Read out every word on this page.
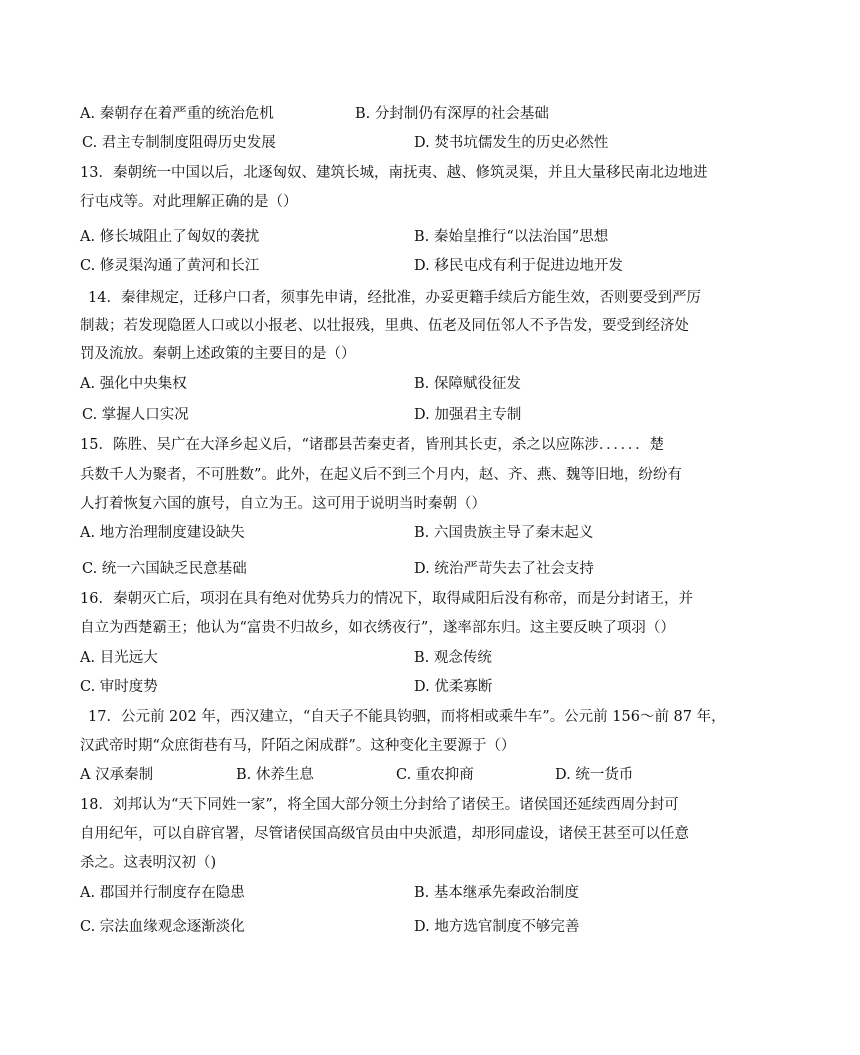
A. 秦朝存在着严重的统治危机	B. 分封制仍有深厚的社会基础
C. 君主专制制度阻碍历史发展	D. 焚书坑儒发生的历史必然性
13．秦朝统一中国以后，北逐匈奴、建筑长城，南抚夷、越、修筑灵渠，并且大量移民南北边地进
行屯戍等。对此理解正确的是（）
A. 修长城阻止了匈奴的袭扰	B. 秦始皇推行“以法治国”思想
C. 修灵渠沟通了黄河和长江	D. 移民屯戍有利于促进边地开发
14．秦律规定，迁移户口者，须事先申请，经批准，办妥更籍手续后方能生效，否则要受到严厉
制裁；若发现隐匿人口或以小报老、以壮报残，里典、伍老及同伍邻人不予告发，要受到经济处
罚及流放。秦朝上述政策的主要目的是（）
A. 强化中央集权	B. 保障赋役征发
C. 掌握人口实况	D. 加强君主专制
15．陈胜、吴广在大泽乡起义后，“诸郡县苦秦吏者，皆刑其长吏，杀之以应陈涉．．．．．．楚
兵数千人为聚者，不可胜数”。此外，在起义后不到三个月内，赵、齐、燕、魏等旧地，纷纷有
人打着恢复六国的旗号，自立为王。这可用于说明当时秦朝（）
A. 地方治理制度建设缺失	B. 六国贵族主导了秦末起义
C. 统一六国缺乏民意基础	D. 统治严苛失去了社会支持
16．秦朝灭亡后，项羽在具有绝对优势兵力的情况下，取得咸阳后没有称帝，而是分封诸王，并
自立为西楚霸王；他认为“富贵不归故乡，如衣绣夜行”，遂率部东归。这主要反映了项羽（）
A. 目光远大	B. 观念传统
C. 审时度势	D. 优柔寡断
17．公元前 202 年，西汉建立，“自天子不能具钧驷，而将相或乘牛车”。公元前 156～前 87 年，
汉武帝时期“众庶街巷有马，阡陌之闲成群”。这种变化主要源于（）
A 汉承秦制	B. 休养生息	C. 重农抑商	D. 统一货币
18．刘邦认为“天下同姓一家”，将全国大部分领土分封给了诸侯王。诸侯国还延续西周分封可
自用纪年，可以自辟官署，尽管诸侯国高级官员由中央派遣，却形同虚设，诸侯王甚至可以任意
杀之。这表明汉初（)
A. 郡国并行制度存在隐患	B. 基本继承先秦政治制度
C. 宗法血缘观念逐渐淡化	D. 地方选官制度不够完善
